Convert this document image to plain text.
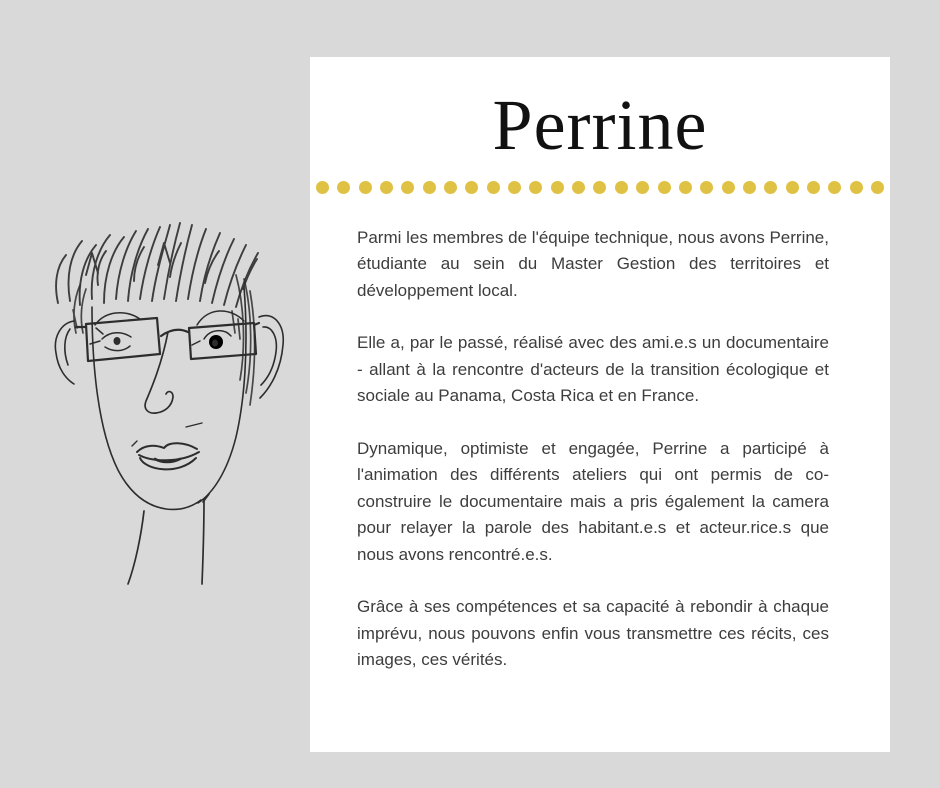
Perrine

Parmi les membres de l'équipe technique, nous avons Perrine, étudiante au sein du Master Gestion des territoires et développement local.

Elle a, par le passé, réalisé avec des ami.e.s un documentaire - allant à la rencontre d'acteurs de la transition écologique et sociale au Panama, Costa Rica et en France.

Dynamique, optimiste et engagée, Perrine a participé à l'animation des différents ateliers qui ont permis de co-construire le documentaire mais a pris également la camera pour relayer la parole des habitant.e.s et acteur.rice.s que nous avons rencontré.e.s.

Grâce à ses compétences et sa capacité à rebondir à chaque imprévu, nous pouvons enfin vous transmettre ces récits, ces images, ces vérités.
